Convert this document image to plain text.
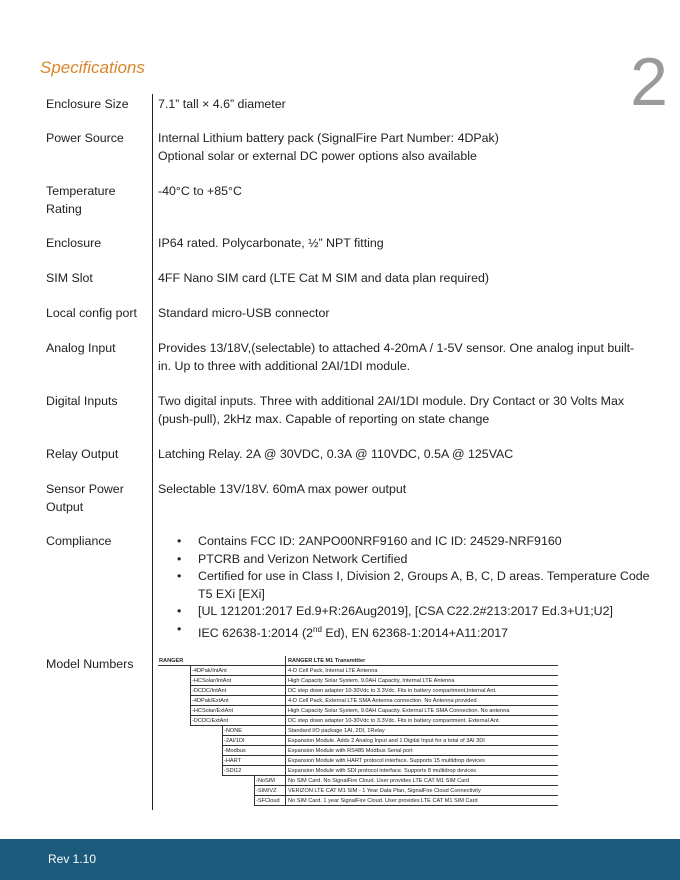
Specifications	2
Enclosure Size	7.1” tall × 4.6” diameter
Power Source	Internal Lithium battery pack (SignalFire Part Number: 4DPak)
Optional solar or external DC power options also available
Temperature Rating
-40°C to +85°C
Enclosure	IP64 rated. Polycarbonate, ½” NPT fitting
SIM Slot	4FF Nano SIM card (LTE Cat M SIM and data plan required)
Local config port	Standard micro-USB connector
Analog Input	Provides 13/18V,(selectable) to attached 4-20mA / 1-5V sensor. One analog input built-
in. Up to three with additional 2AI/1DI module.
Digital Inputs	Two digital inputs. Three with additional 2AI/1DI module. Dry Contact or 30 Volts Max
(push-pull), 2kHz max. Capable of reporting on state change
Relay Output	Latching Relay. 2A @ 30VDC, 0.3A @ 110VDC, 0.5A @ 125VAC
Sensor Power Output
Selectable 13V/18V. 60mA max power output
Compliance
•	Contains FCC ID: 2ANPO00NRF9160 and IC ID: 24529-NRF9160
• PTCRB and Verizon Network Certified
• Certified for use in Class I, Division 2, Groups A, B, C, D areas. Temperature Code
T5 EXi [EXi]
• [UL 121201:2017 Ed.9+R:26Aug2019], [CSA C22.2#213:2017 Ed.3+U1;U2]
• IEC 62638-1:2014 (2nd Ed), EN 62368-1:2014+A11:2017
Model Numbers	RANGER	RANGER LTE M1 Transmitter
-4DPak/IntAnt	4-D Cell Pack, Internal LTE Antenna
-HCSolar/IntAnt	High Capacity Solar System, 9.0AH Capacity, Internal LTE Antenna
-DCDC/IntAnt	DC step down adapter 10-30Vdc to 3.3Vdc. Fits in battery compartment,Internal Ant.
-4DPak/ExtAnt	4-D Cell Pack, External LTE SMA Antenna connection. No Antenna provided
-HCSolar/ExtAnt	High Capacity Solar System, 9.0AH Capacity. External LTE SMA Connection. No antenna
-DCDC/ExtAnt	DC step down adapter 10-30Vdc to 3.3Vdc. Fits in battery compartment. External Ant.
-NONE	Standard I/O package 1AI, 2DI, 1Relay
-2AI/1DI	Expansion Module. Adds 2 Analog Input and 1 Digital Input for a total of 3AI 3DI
-Modbus	Expansion Module with RS485 Modbus Serial port
-HART	Expansion Module with HART protocol interface. Supports 15 multidrop devices
-SDI12	Expansion Module with SDI protocol interface. Supports 8 multidrop devices
-NoSIM	No SIM Card. No SignalFire Cloud. User provides LTE CAT M1 SIM Card
-SIM/VZ	VERIZON LTE CAT M1 SIM - 1 Year Data Plan, SignalFire Cloud Connectivity
-SFCloud	No SIM Card. 1 year SignalFire Cloud. User provides LTE CAT M1 SIM Card
Rev 1.10
